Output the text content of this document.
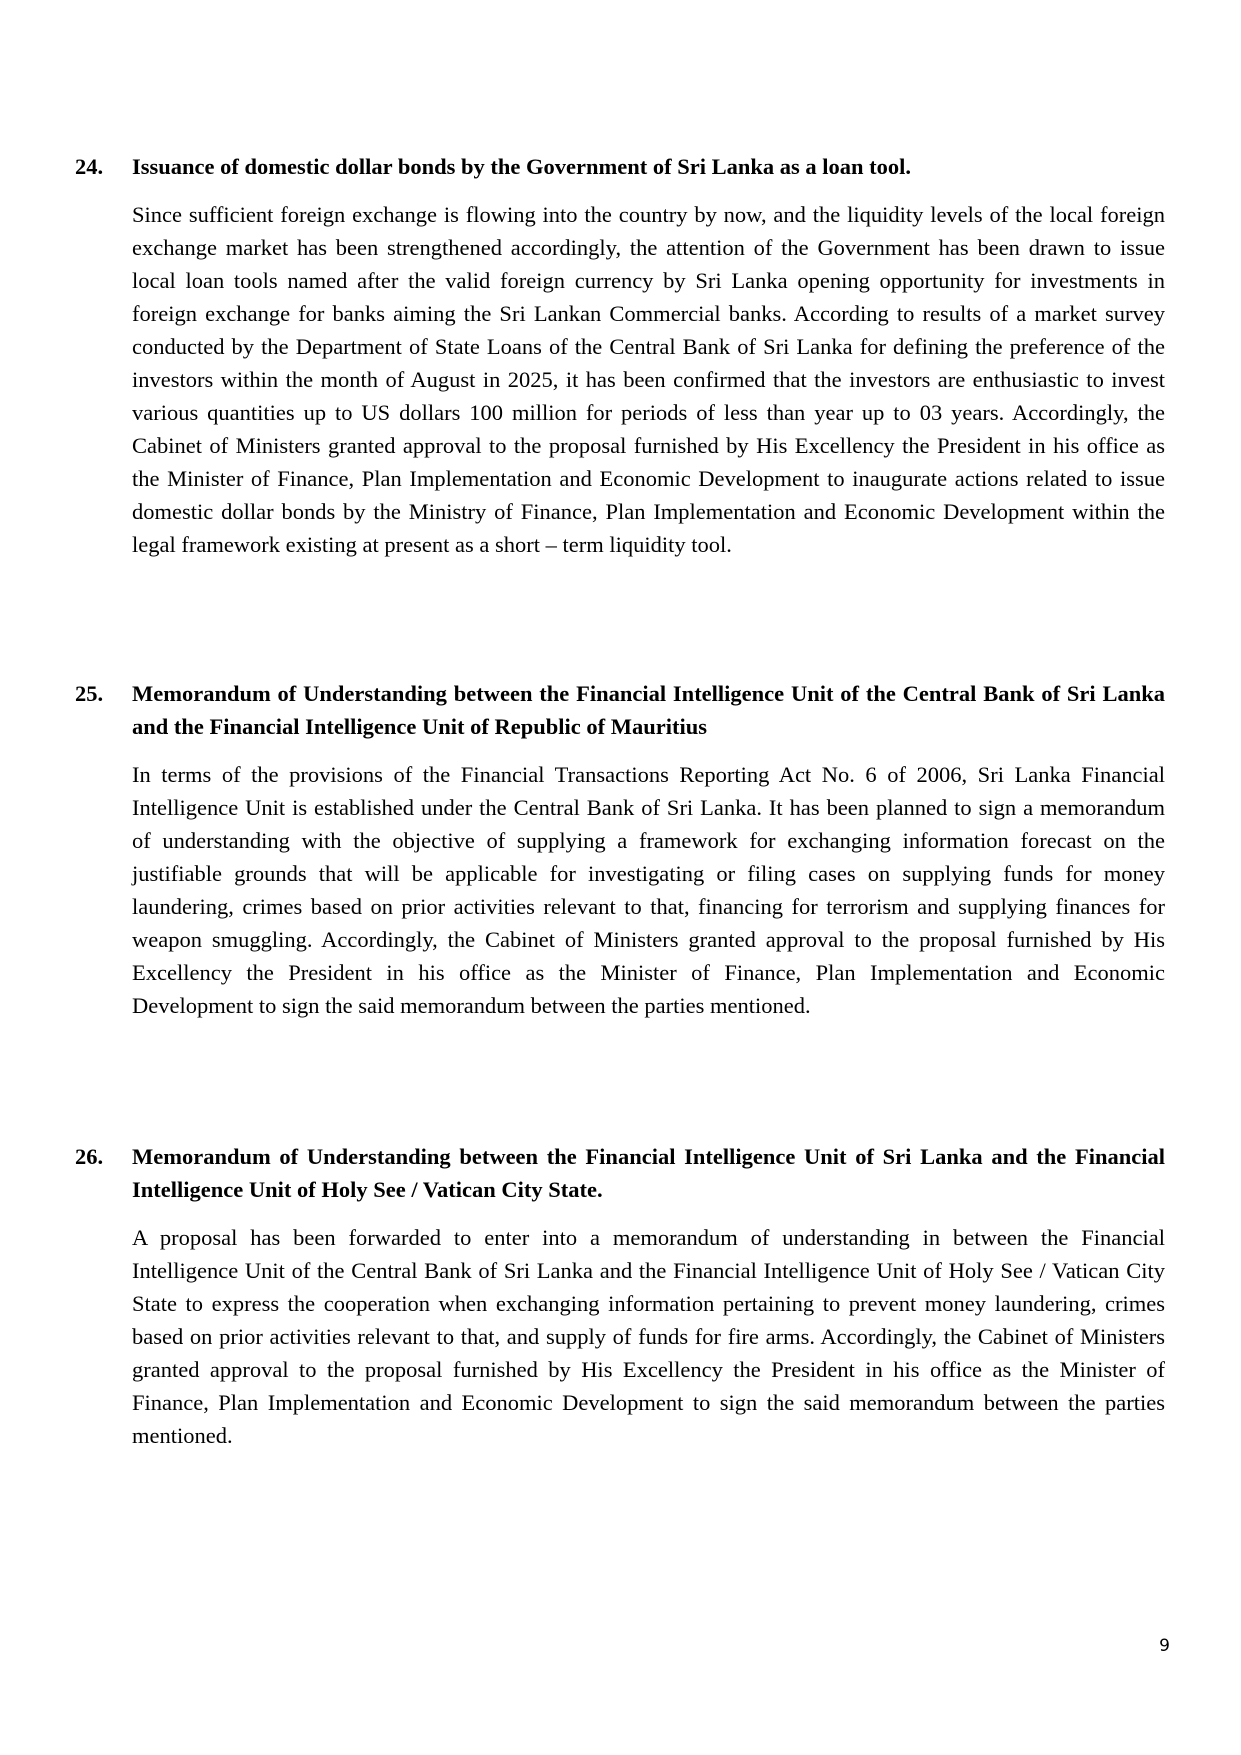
24.	Issuance of domestic dollar bonds by the Government of Sri Lanka as a loan tool.
Since sufficient foreign exchange is flowing into the country by now, and the liquidity levels of the local foreign exchange market has been strengthened accordingly, the attention of the Government has been drawn to issue local loan tools named after the valid foreign currency by Sri Lanka opening opportunity for investments in foreign exchange for banks aiming the Sri Lankan Commercial banks. According to results of a market survey conducted by the Department of State Loans of the Central Bank of Sri Lanka for defining the preference of the investors within the month of August in 2025, it has been confirmed that the investors are enthusiastic to invest various quantities up to US dollars 100 million for periods of less than year up to 03 years. Accordingly, the Cabinet of Ministers granted approval to the proposal furnished by His Excellency the President in his office as the Minister of Finance, Plan Implementation and Economic Development to inaugurate actions related to issue domestic dollar bonds by the Ministry of Finance, Plan Implementation and Economic Development within the legal framework existing at present as a short – term liquidity tool.
25.	Memorandum of Understanding between the Financial Intelligence Unit of the Central Bank of Sri Lanka and the Financial Intelligence Unit of Republic of Mauritius
In terms of the provisions of the Financial Transactions Reporting Act No. 6 of 2006, Sri Lanka Financial Intelligence Unit is established under the Central Bank of Sri Lanka. It has been planned to sign a memorandum of understanding with the objective of supplying a framework for exchanging information forecast on the justifiable grounds that will be applicable for investigating or filing cases on supplying funds for money laundering, crimes based on prior activities relevant to that, financing for terrorism and supplying finances for weapon smuggling. Accordingly, the Cabinet of Ministers granted approval to the proposal furnished by His Excellency the President in his office as the Minister of Finance, Plan Implementation and Economic Development to sign the said memorandum between the parties mentioned.
26.	Memorandum of Understanding between the Financial Intelligence Unit of Sri Lanka and the Financial Intelligence Unit of Holy See / Vatican City State.
A proposal has been forwarded to enter into a memorandum of understanding in between the Financial Intelligence Unit of the Central Bank of Sri Lanka and the Financial Intelligence Unit of Holy See / Vatican City State to express the cooperation when exchanging information pertaining to prevent money laundering, crimes based on prior activities relevant to that, and supply of funds for fire arms. Accordingly, the Cabinet of Ministers granted approval to the proposal furnished by His Excellency the President in his office as the Minister of Finance, Plan Implementation and Economic Development to sign the said memorandum between the parties mentioned.
9
